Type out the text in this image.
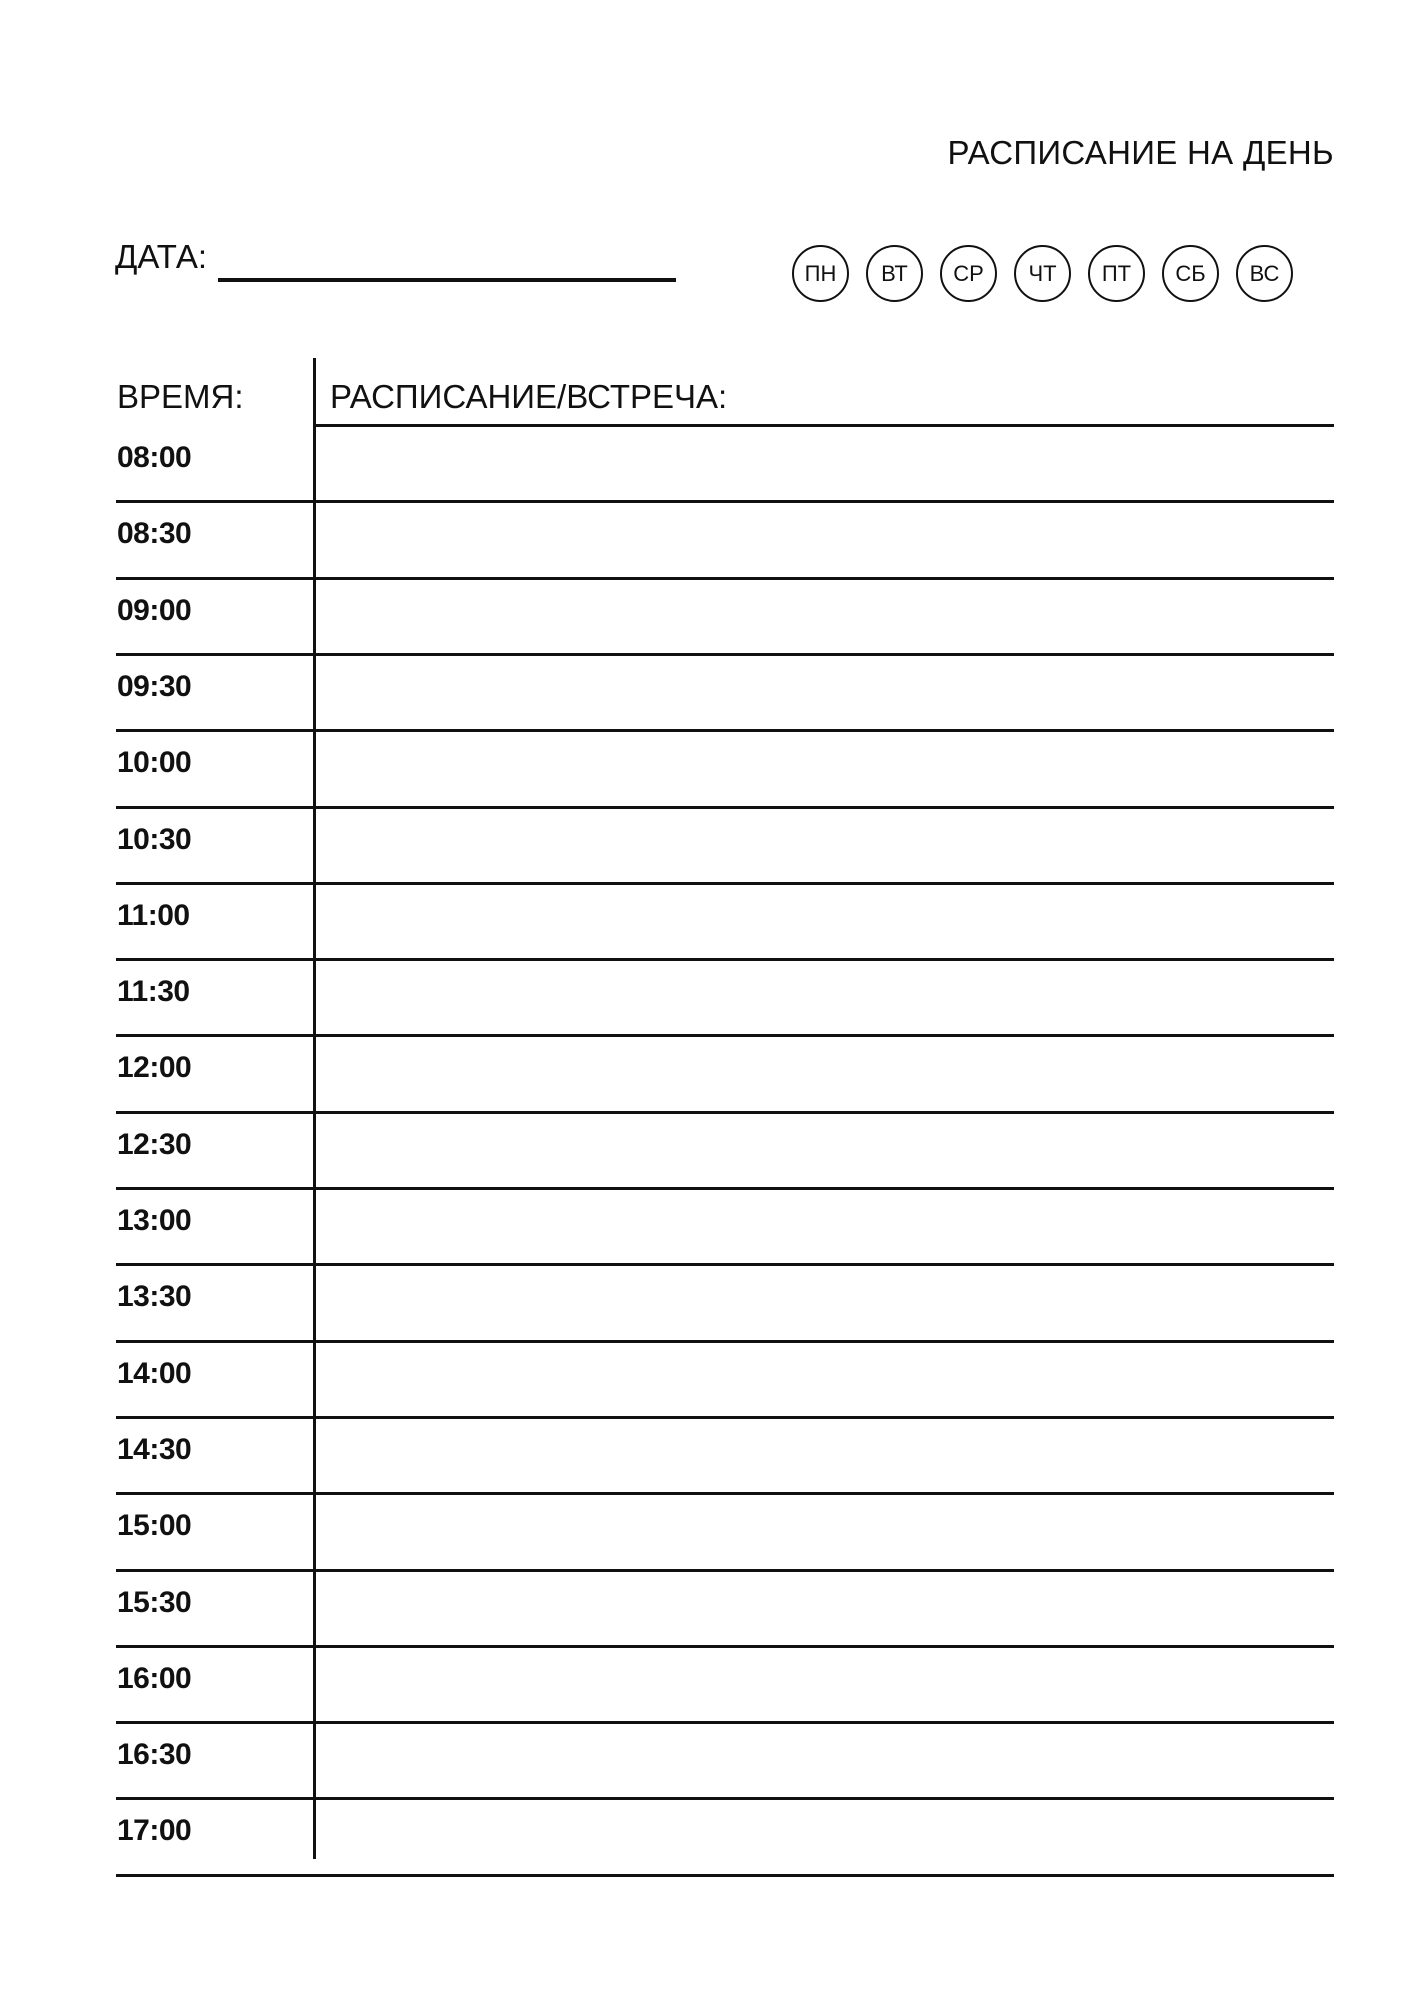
РАСПИСАНИЕ НА ДЕНЬ
ДАТА:	ПН	ВТ	СР	ЧТ	ПТ	СБ	ВС
ВРЕМЯ:	РАСПИСАНИЕ/ВСТРЕЧА:
08:00
08:30
09:00
09:30
10:00
10:30
11:00
11:30
12:00
12:30
13:00
13:30
14:00
14:30
15:00
15:30
16:00
16:30
17:00
